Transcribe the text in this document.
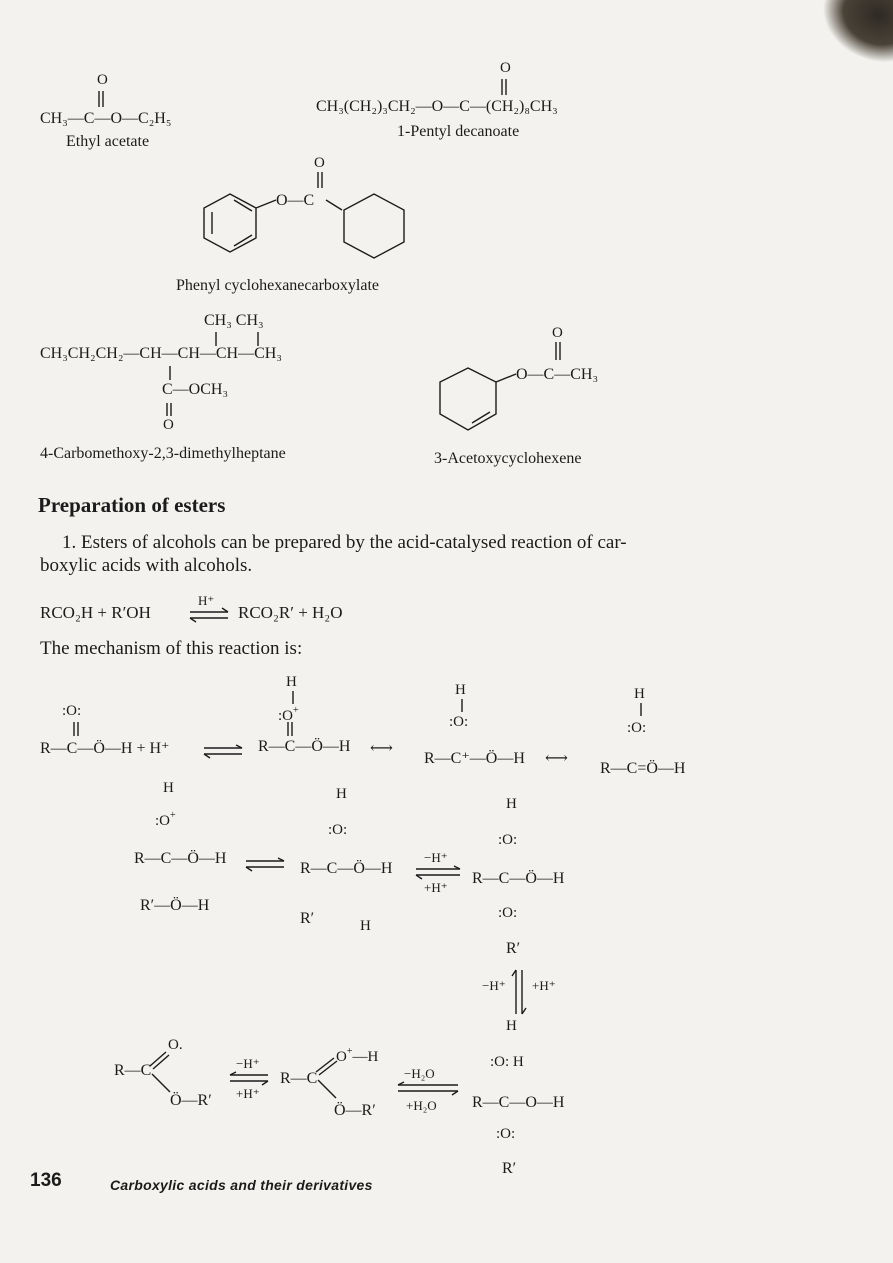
O
CH₃—C—O—C₂H₅
Ethyl acetate
O
CH₃(CH₂)₃CH₂—O—C—(CH₂)₈CH₃
1-Pentyl decanoate
O—C
O
Phenyl cyclohexanecarboxylate
CH₃ CH₃
CH₃CH₂CH₂—CH—CH—CH—CH₃
C—OCH₃
O
4-Carbomethoxy-2,3-dimethylheptane
O—C—CH₃
O
3-Acetoxycyclohexene
Preparation of esters
1. Esters of alcohols can be prepared by the acid-catalysed reaction of car-
boxylic acids with alcohols.
RCO₂H + R′OH
H⁺
⇌ RCO₂R′ + H₂O
The mechanism of this reaction is:
:O:
R—C—Ö—H + H⁺
H
:O+
R—C—Ö—H ⟷
H
:O:
R—C⁺—Ö—H ⟷
H
:O:
R—C=Ö—H
H
:O+
R—C—Ö—H ⇌
R′—Ö—H
H
:O:
R—C—Ö—H
R′	H
−H⁺
+H⁺
H
:O:
R—C—Ö—H
:O:
R′
−H⁺ +H⁺
O.
R—C
Ö—R′
−H⁺
+H⁺
O+—H
R—C
Ö—R′
−H₂O
+H₂O
H
:O: H
R—C—O—H
:O:
R′
136	Carboxylic acids and their derivatives
